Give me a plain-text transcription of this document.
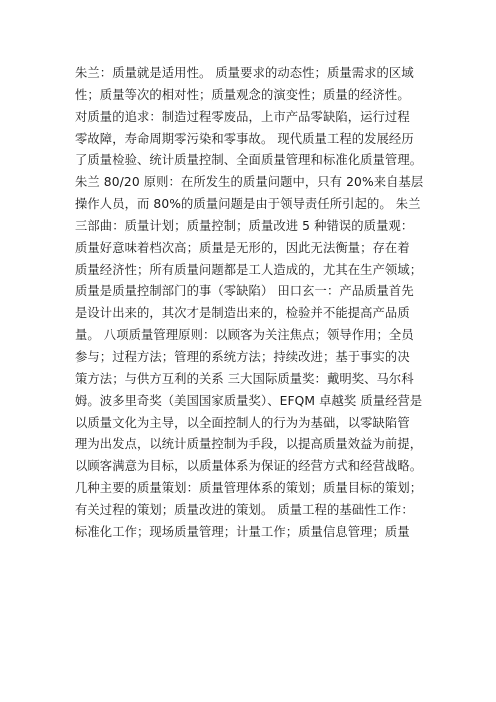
朱兰：质量就是适用性。 质量要求的动态性；质量需求的区域
性；质量等次的相对性；质量观念的演变性；质量的经济性。
对质量的追求：制造过程零废品，上市产品零缺陷，运行过程
零故障，寿命周期零污染和零事故。 现代质量工程的发展经历
了质量检验、统计质量控制、全面质量管理和标准化质量管理。
朱兰 80/20 原则：在所发生的质量问题中，只有 20%来自基层
操作人员，而 80%的质量问题是由于领导责任所引起的。 朱兰
三部曲：质量计划；质量控制；质量改进 5 种错误的质量观：
质量好意味着档次高；质量是无形的，因此无法衡量；存在着
质量经济性；所有质量问题都是工人造成的，尤其在生产领域；
质量是质量控制部门的事（零缺陷） 田口玄一：产品质量首先
是设计出来的，其次才是制造出来的，检验并不能提高产品质
量。 八项质量管理原则：以顾客为关注焦点；领导作用；全员
参与；过程方法；管理的系统方法；持续改进；基于事实的决
策方法；与供方互利的关系 三大国际质量奖：戴明奖、马尔科
姆。波多里奇奖（美国国家质量奖）、EFQM 卓越奖 质量经营是
以质量文化为主导，以全面控制人的行为为基础，以零缺陷管
理为出发点，以统计质量控制为手段，以提高质量效益为前提，
以顾客满意为目标，以质量体系为保证的经营方式和经营战略。
几种主要的质量策划：质量管理体系的策划；质量目标的策划；
有关过程的策划；质量改进的策划。 质量工程的基础性工作：
标准化工作；现场质量管理；计量工作；质量信息管理；质量
